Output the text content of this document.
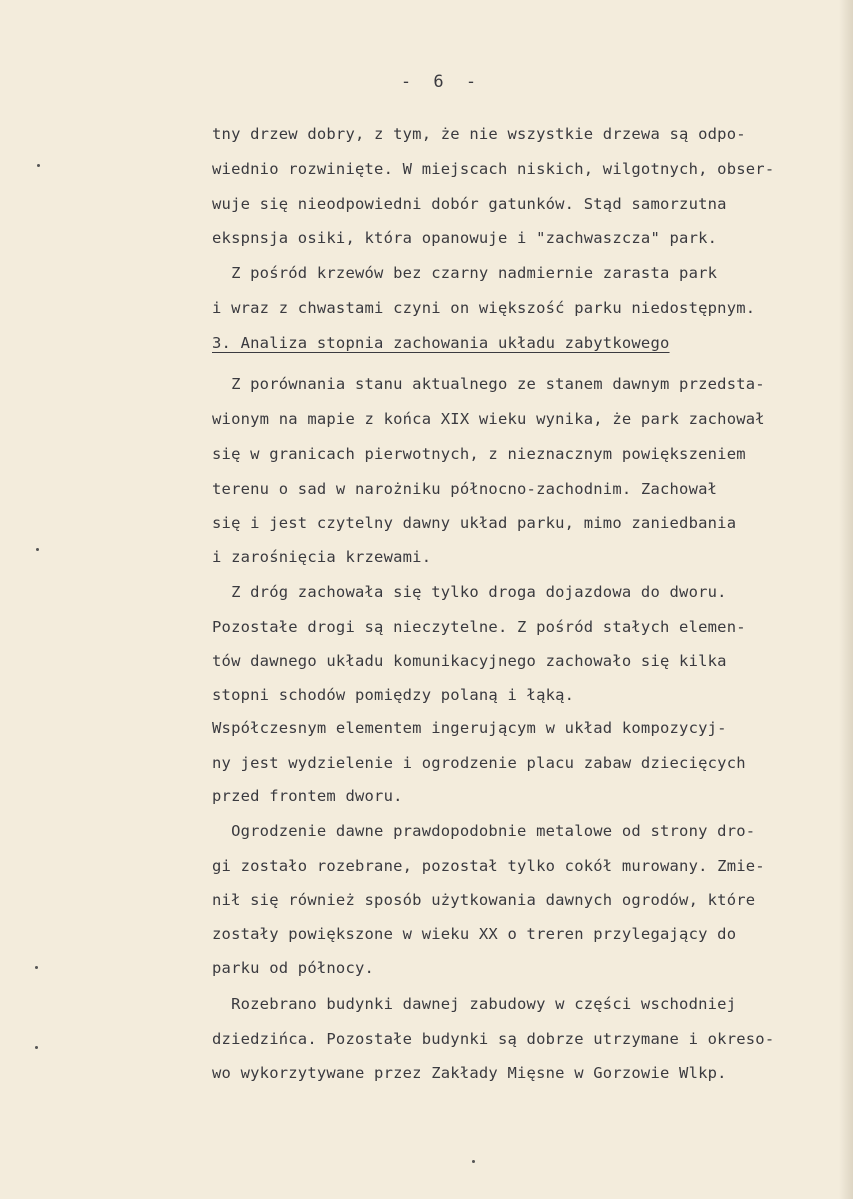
- 6 -
tny drzew dobry, z tym, że nie wszystkie drzewa są odpo-
wiednio rozwinięte. W miejscach niskich, wilgotnych, obser-
wuje się nieodpowiedni dobór gatunków. Stąd samorzutna
ekspnsja osiki, która opanowuje i "zachwaszcza" park.
Z pośród krzewów bez czarny nadmiernie zarasta park
i wraz z chwastami czyni on większość parku niedostępnym.
3. Analiza stopnia zachowania układu zabytkowego
Z porównania stanu aktualnego ze stanem dawnym przedsta-
wionym na mapie z końca XIX wieku wynika, że park zachował
się w granicach pierwotnych, z nieznacznym powiększeniem
terenu o sad w narożniku północno-zachodnim. Zachował
się i jest czytelny dawny układ parku, mimo zaniedbania
i zarośnięcia krzewami.
Z dróg zachowała się tylko droga dojazdowa do dworu.
Pozostałe drogi są nieczytelne. Z pośród stałych elemen-
tów dawnego układu komunikacyjnego zachowało się kilka
stopni schodów pomiędzy polaną i łąką.
Współczesnym elementem ingerującym w układ kompozycyj-
ny jest wydzielenie i ogrodzenie placu zabaw dziecięcych
przed frontem dworu.
Ogrodzenie dawne prawdopodobnie metalowe od strony dro-
gi zostało rozebrane, pozostał tylko cokół murowany. Zmie-
nił się również sposób użytkowania dawnych ogrodów, które
zostały powiększone w wieku XX o treren przylegający do
parku od północy.
Rozebrano budynki dawnej zabudowy w części wschodniej
dziedzińca. Pozostałe budynki są dobrze utrzymane i okreso-
wo wykorzytywane przez Zakłady Mięsne w Gorzowie Wlkp.
